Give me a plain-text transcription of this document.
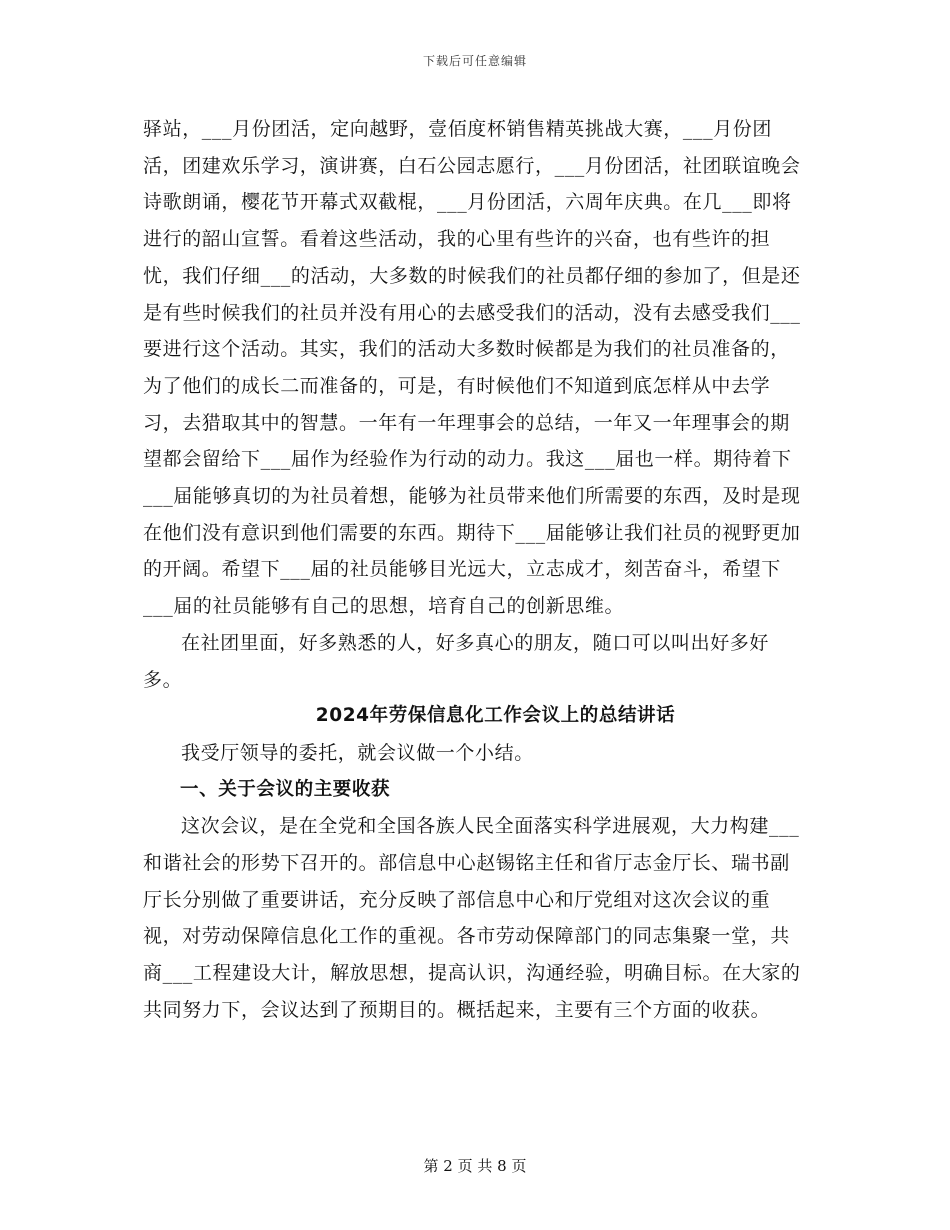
下载后可任意编辑

驿站，___月份团活，定向越野，壹佰度杯销售精英挑战大赛，___月份团活，团建欢乐学习，演讲赛，白石公园志愿行，___月份团活，社团联谊晚会诗歌朗诵，樱花节开幕式双截棍，___月份团活，六周年庆典。在几___即将进行的韶山宣誓。看着这些活动，我的心里有些许的兴奋，也有些许的担忧，我们仔细___的活动，大多数的时候我们的社员都仔细的参加了，但是还是有些时候我们的社员并没有用心的去感受我们的活动，没有去感受我们___要进行这个活动。其实，我们的活动大多数时候都是为我们的社员准备的，为了他们的成长二而准备的，可是，有时候他们不知道到底怎样从中去学习，去猎取其中的智慧。一年有一年理事会的总结，一年又一年理事会的期望都会留给下___届作为经验作为行动的动力。我这___届也一样。期待着下___届能够真切的为社员着想，能够为社员带来他们所需要的东西，及时是现在他们没有意识到他们需要的东西。期待下___届能够让我们社员的视野更加的开阔。希望下___届的社员能够目光远大，立志成才，刻苦奋斗，希望下___届的社员能够有自己的思想，培育自己的创新思维。

在社团里面，好多熟悉的人，好多真心的朋友，随口可以叫出好多好多。

2024年劳保信息化工作会议上的总结讲话

我受厅领导的委托，就会议做一个小结。

一、关于会议的主要收获

这次会议，是在全党和全国各族人民全面落实科学进展观，大力构建___和谐社会的形势下召开的。部信息中心赵锡铭主任和省厅志金厅长、瑞书副厅长分别做了重要讲话，充分反映了部信息中心和厅党组对这次会议的重视，对劳动保障信息化工作的重视。各市劳动保障部门的同志集聚一堂，共商___工程建设大计，解放思想，提高认识，沟通经验，明确目标。在大家的共同努力下，会议达到了预期目的。概括起来，主要有三个方面的收获。

第 2 页 共 8 页
